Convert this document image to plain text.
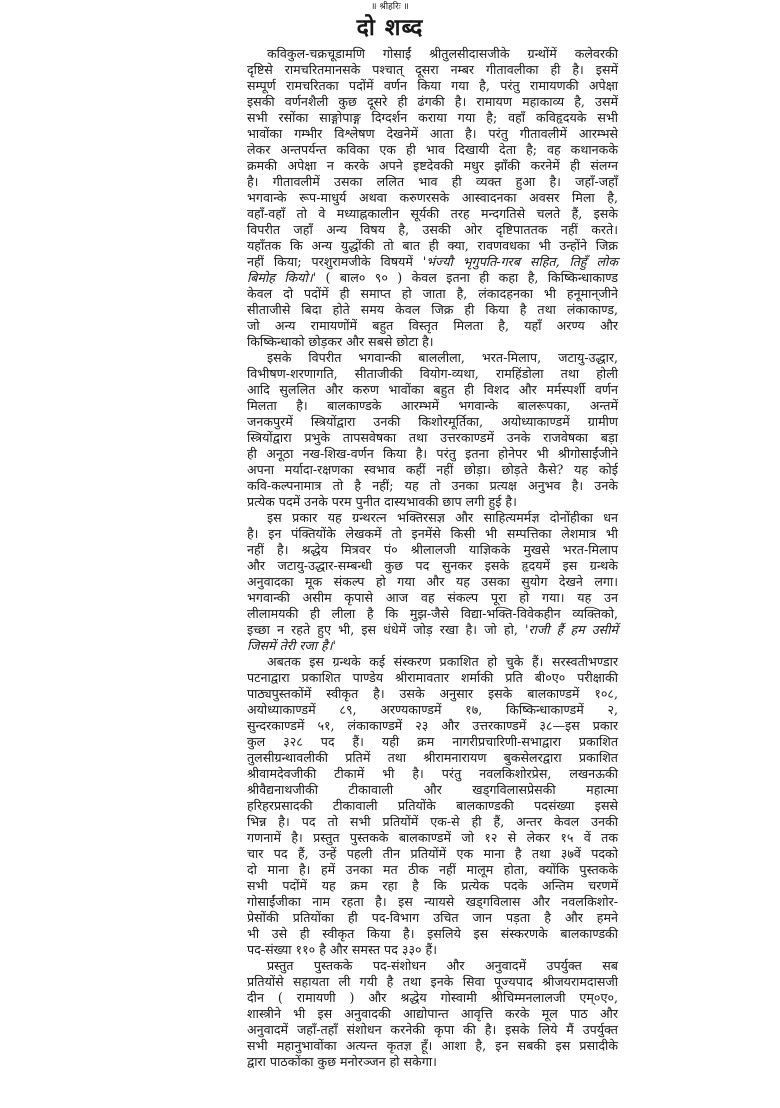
॥ श्रीहरिः ॥
दो शब्द
कविकुल-चक्रचूडामणि गोसाईं श्रीतुलसीदासजीके ग्रन्थोंमें कलेवरकी
दृष्टिसे रामचरितमानसके पश्चात् दूसरा नम्बर गीतावलीका ही है। इसमें
सम्पूर्ण रामचरितका पदोंमें वर्णन किया गया है, परंतु रामायणकी अपेक्षा
इसकी वर्णनशैली कुछ दूसरे ही ढंगकी है। रामायण महाकाव्य है, उसमें
सभी रसोंका साङ्गोपाङ्ग दिग्दर्शन कराया गया है; वहाँ कविहृदयके सभी
भावोंका गम्भीर विश्लेषण देखनेमें आता है। परंतु गीतावलीमें आरम्भसे
लेकर अन्तपर्यन्त कविका एक ही भाव दिखायी देता है; वह कथानकके
क्रमकी अपेक्षा न करके अपने इष्टदेवकी मधुर झाँकी करनेमें ही संलग्न
है। गीतावलीमें उसका ललित भाव ही व्यक्त हुआ है। जहाँ-जहाँ
भगवान्के रूप-माधुर्य अथवा करुणरसके आस्वादनका अवसर मिला है,
वहाँ-वहाँ तो वे मध्याह्नकालीन सूर्यकी तरह मन्दगतिसे चलते हैं, इसके
विपरीत जहाँ अन्य विषय है, उसकी ओर दृष्टिपाततक नहीं करते।
यहाँतक कि अन्य युद्धोंकी तो बात ही क्या, रावणवधका भी उन्होंने जिक्र
नहीं किया; परशुरामजीके विषयमें 'भंज्यौ भृगुपति-गरब सहित, तिहुँ लोक
बिमोह कियो।' ( बाल० ९० ) केवल इतना ही कहा है, किष्किन्धाकाण्ड
केवल दो पदोंमें ही समाप्त हो जाता है, लंकादहनका भी हनूमान्‌जीने
सीताजीसे बिदा होते समय केवल जिक्र ही किया है तथा लंकाकाण्ड,
जो अन्य रामायणोंमें बहुत विस्तृत मिलता है, यहाँ अरण्य और
किष्किन्धाको छोड़कर और सबसे छोटा है।
इसके विपरीत भगवान्की बाललीला, भरत-मिलाप, जटायु-उद्धार,
विभीषण-शरणागति, सीताजीकी वियोग-व्यथा, रामहिंडोला तथा होली
आदि सुललित और करुण भावोंका बहुत ही विशद और मर्मस्पर्शी वर्णन
मिलता है। बालकाण्डके आरम्भमें भगवान्के बालरूपका, अन्तमें
जनकपुरमें स्त्रियोंद्वारा उनकी किशोरमूर्तिका, अयोध्याकाण्डमें ग्रामीण
स्त्रियोंद्वारा प्रभुके तापसवेषका तथा उत्तरकाण्डमें उनके राजवेषका बड़ा
ही अनूठा नख-शिख-वर्णन किया है। परंतु इतना होनेपर भी श्रीगोसाईंजीने
अपना मर्यादा-रक्षणका स्वभाव कहीं नहीं छोड़ा। छोड़ते कैसे? यह कोई
कवि-कल्पनामात्र तो है नहीं; यह तो उनका प्रत्यक्ष अनुभव है। उनके
प्रत्येक पदमें उनके परम पुनीत दास्यभावकी छाप लगी हुई है।
इस प्रकार यह ग्रन्थरत्न भक्तिरसज्ञ और साहित्यमर्मज्ञ दोनोंहीका धन
है। इन पंक्तियोंके लेखकमें तो इनमेंसे किसी भी सम्पत्तिका लेशमात्र भी
नहीं है। श्रद्धेय मित्रवर पं० श्रीलालजी याज्ञिकके मुखसे भरत-मिलाप
और जटायु-उद्धार-सम्बन्धी कुछ पद सुनकर इसके हृदयमें इस ग्रन्थके
अनुवादका मूक संकल्प हो गया और यह उसका सुयोग देखने लगा।
भगवान्की असीम कृपासे आज वह संकल्प पूरा हो गया। यह उन
लीलामयकी ही लीला है कि मुझ-जैसे विद्या-भक्ति-विवेकहीन व्यक्तिको,
इच्छा न रहते हुए भी, इस धंधेमें जोड़ रखा है। जो हो, 'राजी हैं हम उसीमें
जिसमें तेरी रजा है।'
अबतक इस ग्रन्थके कई संस्करण प्रकाशित हो चुके हैं। सरस्वतीभण्डार
पटनाद्वारा प्रकाशित पाण्डेय श्रीरामावतार शर्माकी प्रति बी०ए० परीक्षाकी
पाठ्यपुस्तकोंमें स्वीकृत है। उसके अनुसार इसके बालकाण्डमें १०८,
अयोध्याकाण्डमें ८९, अरण्यकाण्डमें १७, किष्किन्धाकाण्डमें २,
सुन्दरकाण्डमें ५१, लंकाकाण्डमें २३ और उत्तरकाण्डमें ३८—इस प्रकार
कुल ३२८ पद हैं। यही क्रम नागरीप्रचारिणी-सभाद्वारा प्रकाशित
तुलसीग्रन्थावलीकी प्रतिमें तथा श्रीरामनारायण बुकसेलरद्वारा प्रकाशित
श्रीवामदेवजीकी टीकामें भी है। परंतु नवलकिशोरप्रेस, लखनऊकी
श्रीवैद्यनाथजीकी टीकावाली और खड्गविलासप्रेसकी महात्मा
हरिहरप्रसादकी टीकावाली प्रतियोंके बालकाण्डकी पदसंख्या इससे
भिन्न है। पद तो सभी प्रतियोंमें एक-से ही हैं, अन्तर केवल उनकी
गणनामें है। प्रस्तुत पुस्तकके बालकाण्डमें जो १२ से लेकर १५ वें तक
चार पद हैं, उन्हें पहली तीन प्रतियोंमें एक माना है तथा ३७वें पदको
दो माना है। हमें उनका मत ठीक नहीं मालूम होता, क्योंकि पुस्तकके
सभी पदोंमें यह क्रम रहा है कि प्रत्येक पदके अन्तिम चरणमें
गोसाईंजीका नाम रहता है। इस न्यायसे खड्गविलास और नवलकिशोर-
प्रेसोंकी प्रतियोंका ही पद-विभाग उचित जान पड़ता है और हमने
भी उसे ही स्वीकृत किया है। इसलिये इस संस्करणके बालकाण्डकी
पद-संख्या ११० है और समस्त पद ३३० हैं।
प्रस्तुत पुस्तकके पद-संशोधन और अनुवादमें उपर्युक्त सब
प्रतियोंसे सहायता ली गयी है तथा इनके सिवा पूज्यपाद श्रीजयरामदासजी
दीन ( रामायणी ) और श्रद्धेय गोस्वामी श्रीचिम्मनलालजी एम्०ए०,
शास्त्रीने भी इस अनुवादकी आद्योपान्त आवृत्ति करके मूल पाठ और
अनुवादमें जहाँ-तहाँ संशोधन करनेकी कृपा की है। इसके लिये मैं उपर्युक्त
सभी महानुभावोंका अत्यन्त कृतज्ञ हूँ। आशा है, इन सबकी इस प्रसादीके
द्वारा पाठकोंका कुछ मनोरञ्जन हो सकेगा।
